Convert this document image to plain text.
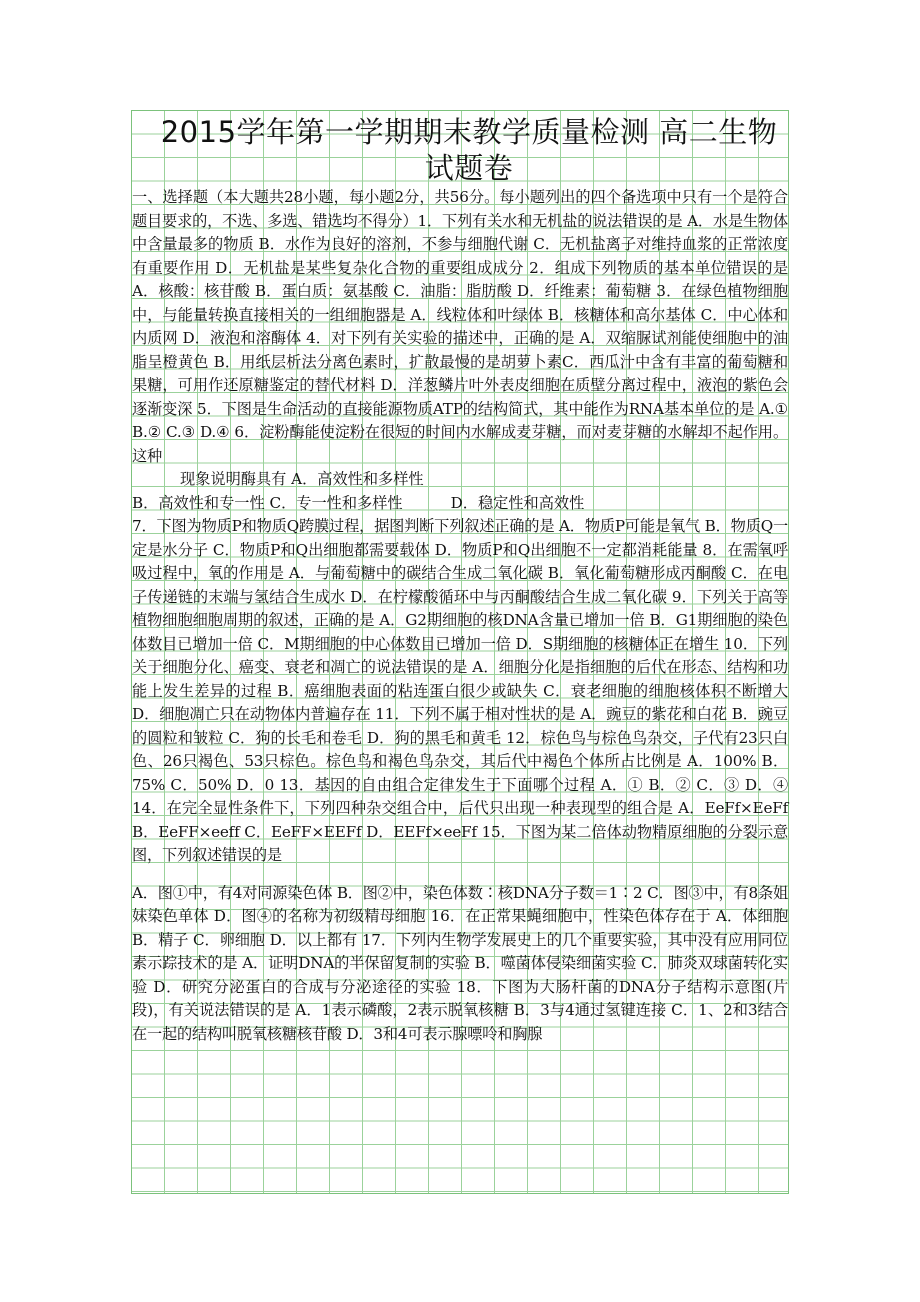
2015学年第一学期期末教学质量检测 高二生物试题卷

一、选择题（本大题共28小题，每小题2分，共56分。每小题列出的四个备选项中只有一个是符合题目要求的，不选、多选、错选均不得分）1．下列有关水和无机盐的说法错误的是 A．水是生物体中含量最多的物质 B．水作为良好的溶剂，不参与细胞代谢 C．无机盐离子对维持血浆的正常浓度有重要作用 D．无机盐是某些复杂化合物的重要组成成分 2．组成下列物质的基本单位错误的是 A．核酸：核苷酸 B．蛋白质：氨基酸 C．油脂：脂肪酸 D．纤维素：葡萄糖 3．在绿色植物细胞中，与能量转换直接相关的一组细胞器是 A．线粒体和叶绿体 B．核糖体和高尔基体 C．中心体和内质网 D．液泡和溶酶体 4．对下列有关实验的描述中，正确的是 A．双缩脲试剂能使细胞中的油脂呈橙黄色 B．用纸层析法分离色素时，扩散最慢的是胡萝卜素C．西瓜汁中含有丰富的葡萄糖和果糖，可用作还原糖鉴定的替代材料 D．洋葱鳞片叶外表皮细胞在质壁分离过程中，液泡的紫色会逐渐变深 5．下图是生命活动的直接能源物质ATP的结构简式，其中能作为RNA基本单位的是 A.① B.② C.③ D.④ 6．淀粉酶能使淀粉在很短的时间内水解成麦芽糖，而对麦芽糖的水解却不起作用。这种

现象说明酶具有 A．高效性和多样性

B．高效性和专一性 C．专一性和多样性	D．稳定性和高效性

7．下图为物质P和物质Q跨膜过程，据图判断下列叙述正确的是 A．物质P可能是氧气 B．物质Q一定是水分子 C．物质P和Q出细胞都需要载体 D．物质P和Q出细胞不一定都消耗能量 8．在需氧呼吸过程中，氧的作用是 A．与葡萄糖中的碳结合生成二氧化碳 B．氧化葡萄糖形成丙酮酸 C．在电子传递链的末端与氢结合生成水 D．在柠檬酸循环中与丙酮酸结合生成二氧化碳 9．下列关于高等植物细胞细胞周期的叙述，正确的是 A．G2期细胞的核DNA含量已增加一倍 B．G1期细胞的染色体数目已增加一倍 C．M期细胞的中心体数目已增加一倍 D．S期细胞的核糖体正在增生 10．下列关于细胞分化、癌变、衰老和凋亡的说法错误的是 A．细胞分化是指细胞的后代在形态、结构和功能上发生差异的过程 B．癌细胞表面的粘连蛋白很少或缺失 C．衰老细胞的细胞核体积不断增大 D．细胞凋亡只在动物体内普遍存在 11．下列不属于相对性状的是 A．豌豆的紫花和白花 B．豌豆的圆粒和皱粒 C．狗的长毛和卷毛 D．狗的黑毛和黄毛 12．棕色鸟与棕色鸟杂交，子代有23只白色、26只褐色、53只棕色。棕色鸟和褐色鸟杂交，其后代中褐色个体所占比例是 A．100% B．75% C．50% D．0 13．基因的自由组合定律发生于下面哪个过程 A．① B．② C．③ D．④ 14．在完全显性条件下，下列四种杂交组合中，后代只出现一种表现型的组合是 A．EeFf×EeFf B．EeFF×eeff C．EeFF×EEFf D．EEFf×eeFf 15．下图为某二倍体动物精原细胞的分裂示意图，下列叙述错误的是

A．图①中，有4对同源染色体 B．图②中，染色体数∶核DNA分子数＝1∶2 C．图③中，有8条姐妹染色单体 D．图④的名称为初级精母细胞 16．在正常果蝇细胞中，性染色体存在于 A．体细胞 B．精子 C．卵细胞 D．以上都有 17．下列内生物学发展史上的几个重要实验，其中没有应用同位素示踪技术的是 A．证明DNA的半保留复制的实验 B．噬菌体侵染细菌实验 C．肺炎双球菌转化实验 D．研究分泌蛋白的合成与分泌途径的实验 18．下图为大肠杆菌的DNA分子结构示意图(片段)，有关说法错误的是 A．1表示磷酸，2表示脱氧核糖 B．3与4通过氢键连接 C．1、2和3结合在一起的结构叫脱氧核糖核苷酸 D．3和4可表示腺嘌呤和胸腺
